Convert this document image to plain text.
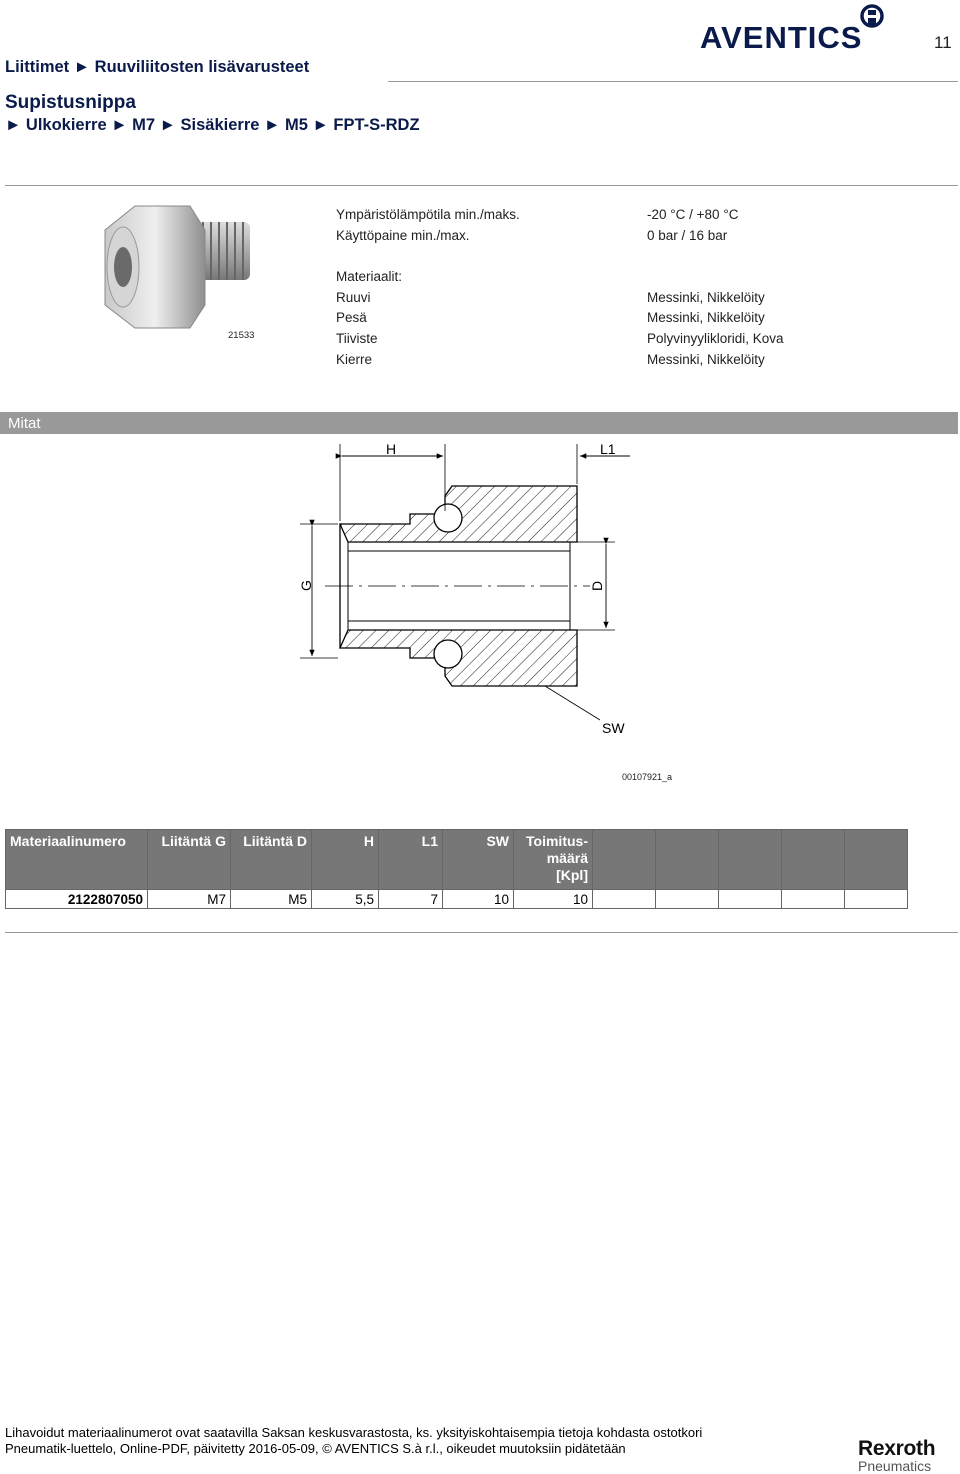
AVENTICS	11
Liittimet ► Ruuviliitosten lisävarusteet
Supistusnippa
► Ulkokierre ► M7 ► Sisäkierre ► M5 ► FPT-S-RDZ
21533
Ympäristölämpötila min./maks.	-20 °C / +80 °C
Käyttöpaine min./max.	0 bar / 16 bar
Materiaalit:
Ruuvi	Messinki, Nikkelöity
Pesä	Messinki, Nikkelöity
Tiiviste	Polyvinyylikloridi, Kova
Kierre	Messinki, Nikkelöity
Mitat
H	L1
G	D
SW
00107921_a
Materiaalinumero	Liitäntä G	Liitäntä D	H	L1	SW	Toimitus-
määrä
[Kpl]					
2122807050	M7	M5	5,5	7	10	10					
Lihavoidut materiaalinumerot ovat saatavilla Saksan keskusvarastosta, ks. yksityiskohtaisempia tietoja kohdasta ostotkori
Pneumatik-luettelo, Online-PDF, päivitetty 2016-05-09, © AVENTICS S.à r.l., oikeudet muutoksiin pidätetään	Rexroth
Pneumatics
